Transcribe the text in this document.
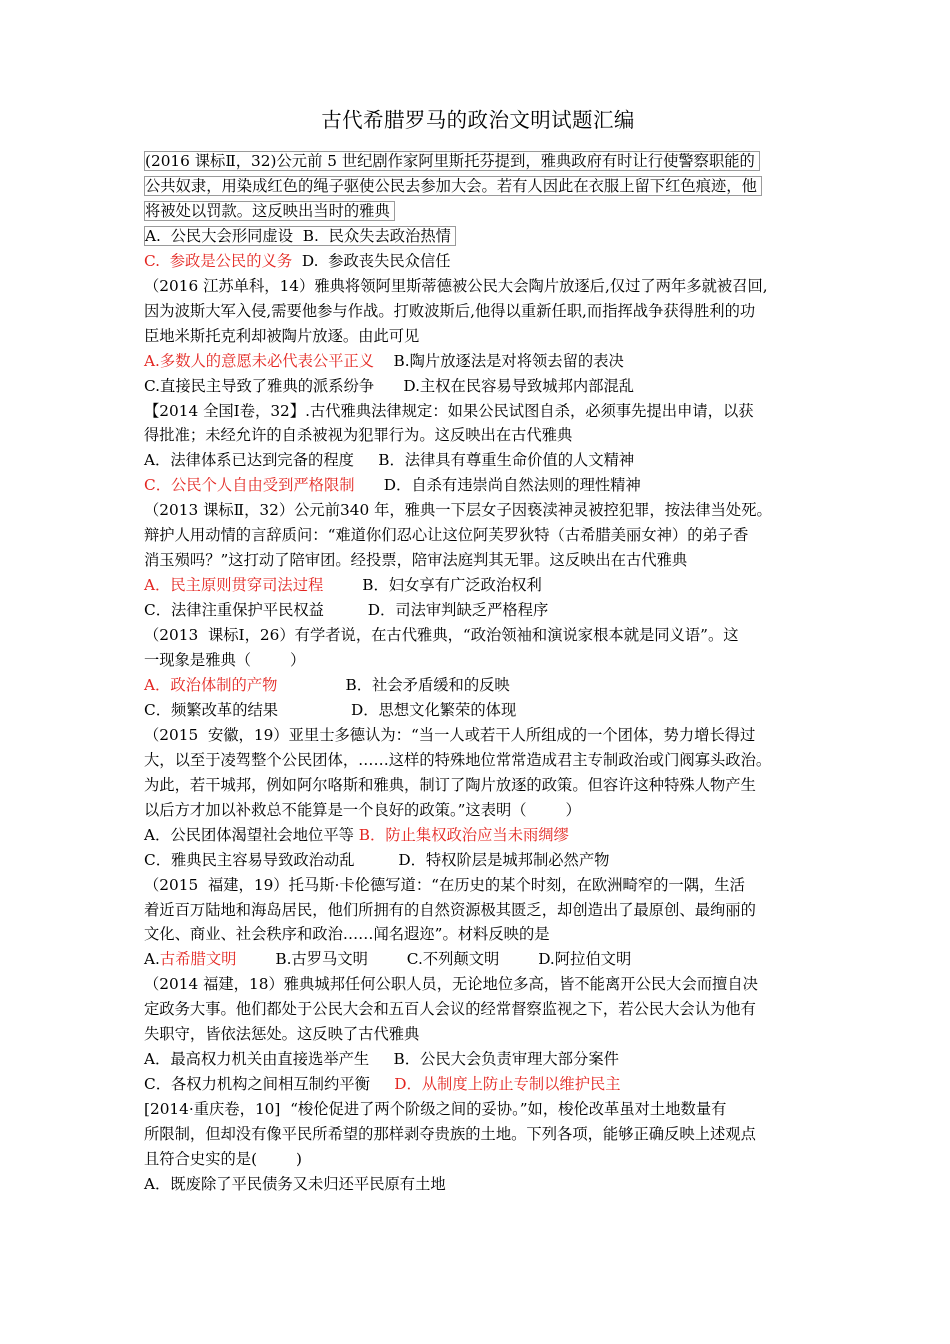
古代希腊罗马的政治文明试题汇编
(2016 课标Ⅱ，32)公元前 5 世纪剧作家阿里斯托芬提到，雅典政府有时让行使警察职能的
公共奴隶，用染成红色的绳子驱使公民去参加大会。若有人因此在衣服上留下红色痕迹，他
将被处以罚款。这反映出当时的雅典
A.  公民大会形同虚设  B.  民众失去政治热情
C.  参政是公民的义务  D.  参政丧失民众信任
（2016 江苏单科，14）雅典将领阿里斯蒂德被公民大会陶片放逐后,仅过了两年多就被召回,
因为波斯大军入侵,需要他参与作战。打败波斯后,他得以重新任职,而指挥战争获得胜利的功
臣地米斯托克利却被陶片放逐。由此可见
A.多数人的意愿未必代表公平正义    B.陶片放逐法是对将领去留的表决
C.直接民主导致了雅典的派系纷争      D.主权在民容易导致城邦内部混乱
【2014 全国Ⅰ卷，32】.古代雅典法律规定：如果公民试图自杀，必须事先提出申请，以获
得批准；未经允许的自杀被视为犯罪行为。这反映出在古代雅典
A．法律体系已达到完备的程度     B．法律具有尊重生命价值的人文精神
C．公民个人自由受到严格限制      D．自杀有违崇尚自然法则的理性精神
（2013 课标Ⅱ，32）公元前340 年，雅典一下层女子因亵渎神灵被控犯罪，按法律当处死。
辩护人用动情的言辞质问：“难道你们忍心让这位阿芙罗狄特（古希腊美丽女神）的弟子香
消玉殒吗？”这打动了陪审团。经投票，陪审法庭判其无罪。这反映出在古代雅典
A．民主原则贯穿司法过程        B．妇女享有广泛政治权利
C．法律注重保护平民权益         D．司法审判缺乏严格程序
（2013  课标Ⅰ，26）有学者说，在古代雅典，“政治领袖和演说家根本就是同义语”。这
一现象是雅典（        ）
A．政治体制的产物              B．社会矛盾缓和的反映
C．频繁改革的结果               D．思想文化繁荣的体现
（2015  安徽，19）亚里士多德认为：“当一人或若干人所组成的一个团体，势力增长得过
大，以至于凌驾整个公民团体，……这样的特殊地位常常造成君主专制政治或门阀寡头政治。
为此，若干城邦，例如阿尔咯斯和雅典，制订了陶片放逐的政策。但容许这种特殊人物产生
以后方才加以补救总不能算是一个良好的政策。”这表明（        ）
A．公民团体渴望社会地位平等 B．防止集权政治应当未雨绸缪
C．雅典民主容易导致政治动乱         D．特权阶层是城邦制必然产物
（2015  福建，19）托马斯·卡伦德写道：“在历史的某个时刻，在欧洲畸窄的一隅，生活
着近百万陆地和海岛居民，他们所拥有的自然资源极其匮乏，却创造出了最原创、最绚丽的
文化、商业、社会秩序和政治……闻名遐迩”。材料反映的是
A.古希腊文明        B.古罗马文明        C.不列颠文明        D.阿拉伯文明
（2014 福建，18）雅典城邦任何公职人员，无论地位多高，皆不能离开公民大会而擅自决
定政务大事。他们都处于公民大会和五百人会议的经常督察监视之下，若公民大会认为他有
失职守，皆依法惩处。这反映了古代雅典
A．最高权力机关由直接选举产生     B．公民大会负责审理大部分案件
C．各权力机构之间相互制约平衡     D．从制度上防止专制以维护民主
[2014·重庆卷，10]  “梭伦促进了两个阶级之间的妥协。”如，梭伦改革虽对土地数量有
所限制，但却没有像平民所希望的那样剥夺贵族的土地。下列各项，能够正确反映上述观点
且符合史实的是(        )
A．既废除了平民债务又未归还平民原有土地
